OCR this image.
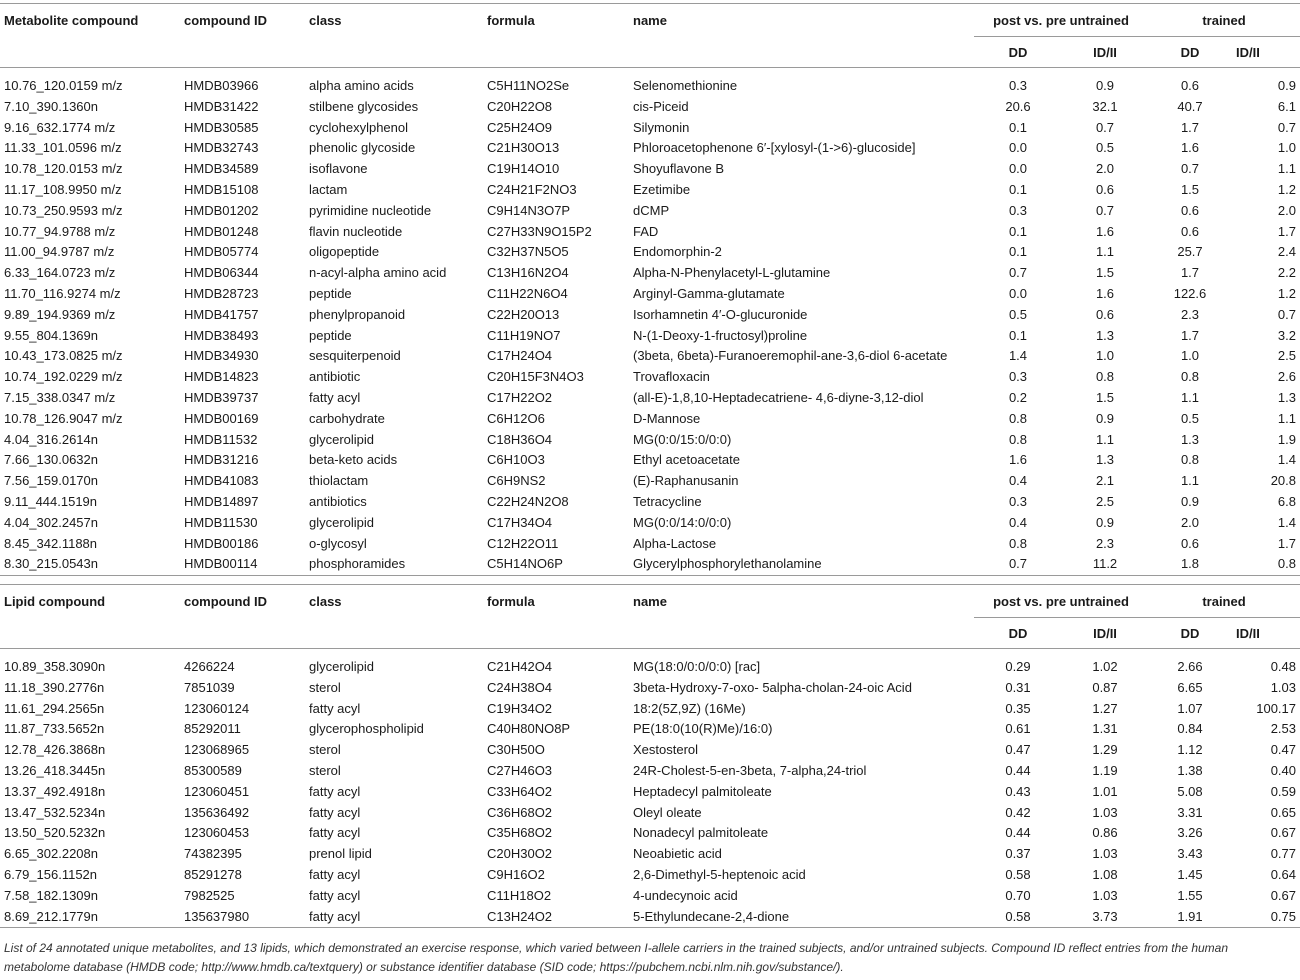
Metabolite compound	compound ID	class	formula	name	post vs. pre untrained		trained	
					DD	ID/II	DD	ID/II

10.76_120.0159 m/z	HMDB03966	alpha amino acids	C5H11NO2Se	Selenomethionine	0.3	0.9	0.6	0.9
7.10_390.1360n	HMDB31422	stilbene glycosides	C20H22O8	cis-Piceid	20.6	32.1	40.7	6.1
9.16_632.1774 m/z	HMDB30585	cyclohexylphenol	C25H24O9	Silymonin	0.1	0.7	1.7	0.7
11.33_101.0596 m/z	HMDB32743	phenolic glycoside	C21H30O13	Phloroacetophenone 6′-[xylosyl-(1->6)-glucoside]	0.0	0.5	1.6	1.0
10.78_120.0153 m/z	HMDB34589	isoflavone	C19H14O10	Shoyuflavone B	0.0	2.0	0.7	1.1
11.17_108.9950 m/z	HMDB15108	lactam	C24H21F2NO3	Ezetimibe	0.1	0.6	1.5	1.2
10.73_250.9593 m/z	HMDB01202	pyrimidine nucleotide	C9H14N3O7P	dCMP	0.3	0.7	0.6	2.0
10.77_94.9788 m/z	HMDB01248	flavin nucleotide	C27H33N9O15P2	FAD	0.1	1.6	0.6	1.7
11.00_94.9787 m/z	HMDB05774	oligopeptide	C32H37N5O5	Endomorphin-2	0.1	1.1	25.7	2.4
6.33_164.0723 m/z	HMDB06344	n-acyl-alpha amino acid	C13H16N2O4	Alpha-N-Phenylacetyl-L-glutamine	0.7	1.5	1.7	2.2
11.70_116.9274 m/z	HMDB28723	peptide	C11H22N6O4	Arginyl-Gamma-glutamate	0.0	1.6	122.6	1.2
9.89_194.9369 m/z	HMDB41757	phenylpropanoid	C22H20O13	Isorhamnetin 4′-O-glucuronide	0.5	0.6	2.3	0.7
9.55_804.1369n	HMDB38493	peptide	C11H19NO7	N-(1-Deoxy-1-fructosyl)proline	0.1	1.3	1.7	3.2
10.43_173.0825 m/z	HMDB34930	sesquiterpenoid	C17H24O4	(3beta, 6beta)-Furanoeremophil-ane-3,6-diol 6-acetate	1.4	1.0	1.0	2.5
10.74_192.0229 m/z	HMDB14823	antibiotic	C20H15F3N4O3	Trovafloxacin	0.3	0.8	0.8	2.6
7.15_338.0347 m/z	HMDB39737	fatty acyl	C17H22O2	(all-E)-1,8,10-Heptadecatriene- 4,6-diyne-3,12-diol	0.2	1.5	1.1	1.3
10.78_126.9047 m/z	HMDB00169	carbohydrate	C6H12O6	D-Mannose	0.8	0.9	0.5	1.1
4.04_316.2614n	HMDB11532	glycerolipid	C18H36O4	MG(0:0/15:0/0:0)	0.8	1.1	1.3	1.9
7.66_130.0632n	HMDB31216	beta-keto acids	C6H10O3	Ethyl acetoacetate	1.6	1.3	0.8	1.4
7.56_159.0170n	HMDB41083	thiolactam	C6H9NS2	(E)-Raphanusanin	0.4	2.1	1.1	20.8
9.11_444.1519n	HMDB14897	antibiotics	C22H24N2O8	Tetracycline	0.3	2.5	0.9	6.8
4.04_302.2457n	HMDB11530	glycerolipid	C17H34O4	MG(0:0/14:0/0:0)	0.4	0.9	2.0	1.4
8.45_342.1188n	HMDB00186	o-glycosyl	C12H22O11	Alpha-Lactose	0.8	2.3	0.6	1.7
8.30_215.0543n	HMDB00114	phosphoramides	C5H14NO6P	Glycerylphosphorylethanolamine	0.7	11.2	1.8	0.8
Lipid compound	compound ID	class	formula	name	post vs. pre untrained		trained	
					DD	ID/II	DD	ID/II

10.89_358.3090n	4266224	glycerolipid	C21H42O4	MG(18:0/0:0/0:0) [rac]	0.29	1.02	2.66	0.48
11.18_390.2776n	7851039	sterol	C24H38O4	3beta-Hydroxy-7-oxo- 5alpha-cholan-24-oic Acid	0.31	0.87	6.65	1.03
11.61_294.2565n	123060124	fatty acyl	C19H34O2	18:2(5Z,9Z) (16Me)	0.35	1.27	1.07	100.17
11.87_733.5652n	85292011	glycerophospholipid	C40H80NO8P	PE(18:0(10(R)Me)/16:0)	0.61	1.31	0.84	2.53
12.78_426.3868n	123068965	sterol	C30H50O	Xestosterol	0.47	1.29	1.12	0.47
13.26_418.3445n	85300589	sterol	C27H46O3	24R-Cholest-5-en-3beta, 7-alpha,24-triol	0.44	1.19	1.38	0.40
13.37_492.4918n	123060451	fatty acyl	C33H64O2	Heptadecyl palmitoleate	0.43	1.01	5.08	0.59
13.47_532.5234n	135636492	fatty acyl	C36H68O2	Oleyl oleate	0.42	1.03	3.31	0.65
13.50_520.5232n	123060453	fatty acyl	C35H68O2	Nonadecyl palmitoleate	0.44	0.86	3.26	0.67
6.65_302.2208n	74382395	prenol lipid	C20H30O2	Neoabietic acid	0.37	1.03	3.43	0.77
6.79_156.1152n	85291278	fatty acyl	C9H16O2	2,6-Dimethyl-5-heptenoic acid	0.58	1.08	1.45	0.64
7.58_182.1309n	7982525	fatty acyl	C11H18O2	4-undecynoic acid	0.70	1.03	1.55	0.67
8.69_212.1779n	135637980	fatty acyl	C13H24O2	5-Ethylundecane-2,4-dione	0.58	3.73	1.91	0.75
List of 24 annotated unique metabolites, and 13 lipids, which demonstrated an exercise response, which varied between I-allele carriers in the trained subjects, and/or untrained subjects. Compound ID reflect entries from the human metabolome database (HMDB code; http://www.hmdb.ca/textquery) or substance identifier database (SID code; https://pubchem.ncbi.nlm.nih.gov/substance/).
